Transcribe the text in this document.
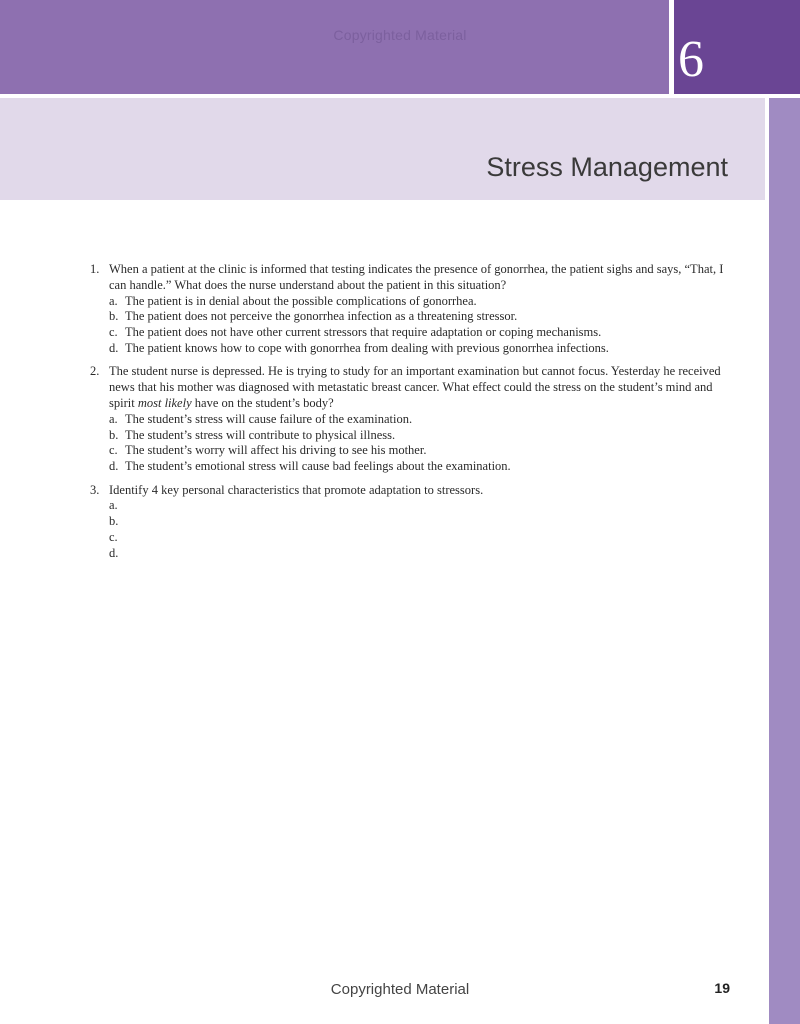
Copyrighted Material	6
Stress Management
1. When a patient at the clinic is informed that testing indicates the presence of gonorrhea, the patient sighs and says, “That, I can handle.” What does the nurse understand about the patient in this situation?
a. The patient is in denial about the possible complications of gonorrhea.
b. The patient does not perceive the gonorrhea infection as a threatening stressor.
c. The patient does not have other current stressors that require adaptation or coping mechanisms.
d. The patient knows how to cope with gonorrhea from dealing with previous gonorrhea infections.
2. The student nurse is depressed. He is trying to study for an important examination but cannot focus. Yesterday he received news that his mother was diagnosed with metastatic breast cancer. What effect could the stress on the student’s mind and spirit most likely have on the student’s body?
a. The student’s stress will cause failure of the examination.
b. The student’s stress will contribute to physical illness.
c. The student’s worry will affect his driving to see his mother.
d. The student’s emotional stress will cause bad feelings about the examination.
3. Identify 4 key personal characteristics that promote adaptation to stressors.
a.

b.

c.

d.

Copyrighted Material	19
